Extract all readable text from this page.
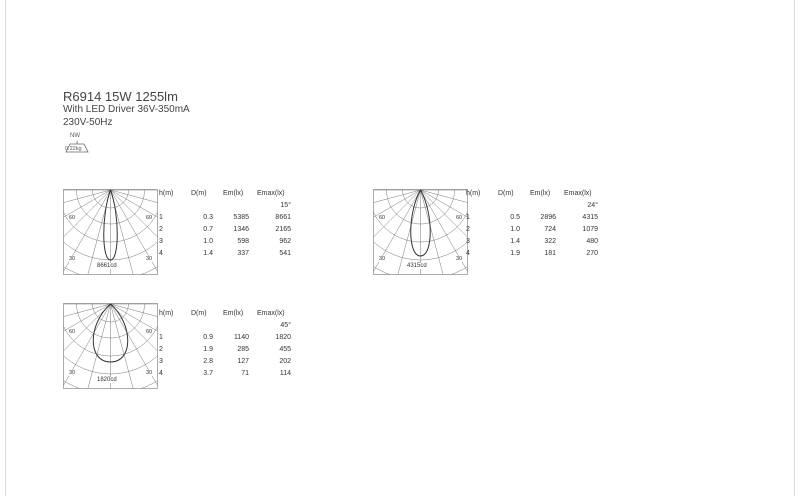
R6914 15W 1255lm
With LED Driver 36V-350mA
230V-50Hz
NW
0.22kg
60	60
30	30
8661cd
60	60
30	30
4315cd
60	60
30	30
1820cd
h(m)	D(m) Em(lx) Emax(lx)
15°
1	0.3	5385	8661
2	0.7	1346	2165
3	1.0	598	962
4	1.4	337	541
h(m)	D(m) Em(lx) Emax(lx)
24°
1	0.5	2896	4315
2	1.0	724	1079
3	1.4	322	480
4	1.9	181	270
h(m)	D(m) Em(lx) Emax(lx)
45°
1	0.9	1140	1820
2	1.9	285	455
3	2.8	127	202
4	3.7	71	114
